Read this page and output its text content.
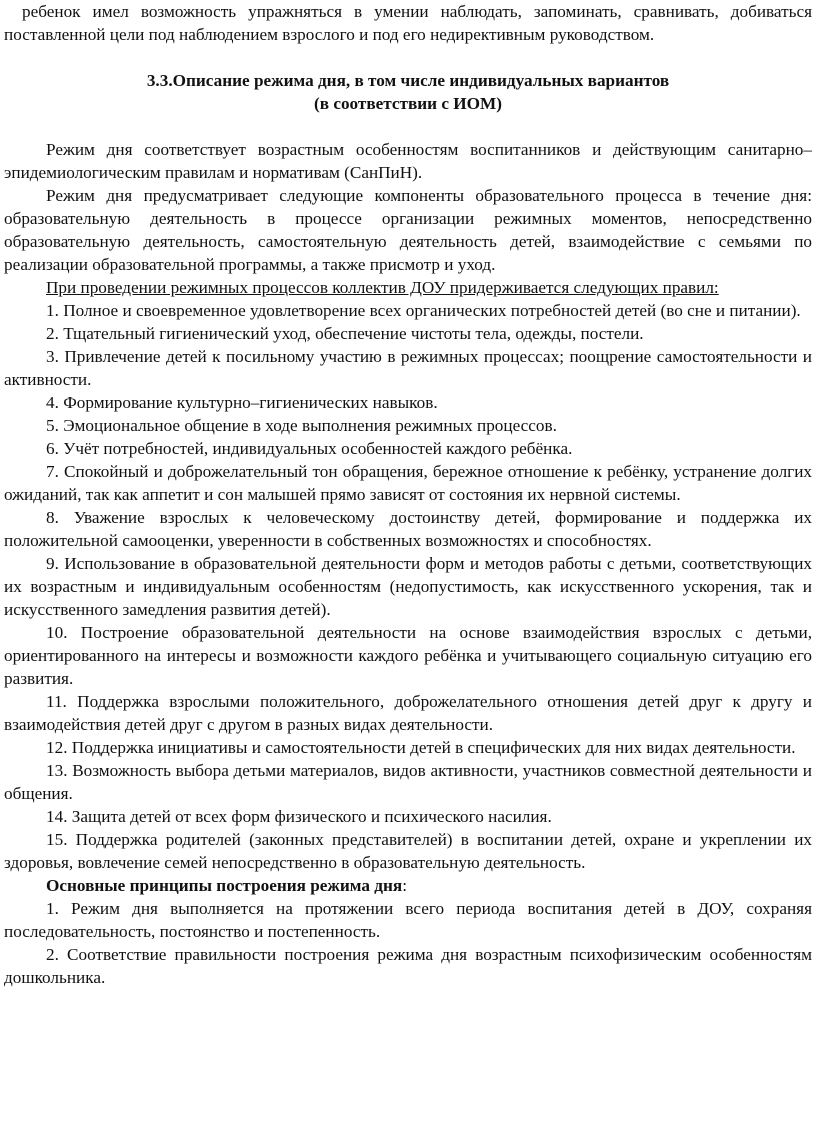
ребенок имел возможность упражняться в умении наблюдать, запоминать, сравнивать, добиваться поставленной цели под наблюдением взрослого и под его недирективным руководством.

3.3.Описание режима дня, в том числе индивидуальных вариантов

(в соответствии с ИОМ)

Режим дня соответствует возрастным особенностям воспитанников и действующим санитарно–эпидемиологическим правилам и нормативам (СанПиН).

Режим дня предусматривает следующие компоненты образовательного процесса в течение дня: образовательную деятельность в процессе организации режимных моментов, непосредственно образовательную деятельность, самостоятельную деятельность детей, взаимодействие с семьями по реализации образовательной программы, а также присмотр и уход.

При проведении режимных процессов коллектив ДОУ придерживается следующих правил:

1. Полное и своевременное удовлетворение всех органических потребностей детей (во сне и питании).

2. Тщательный гигиенический уход, обеспечение чистоты тела, одежды, постели.

3. Привлечение детей к посильному участию в режимных процессах; поощрение самостоятельности и активности.

4. Формирование культурно–гигиенических навыков.

5. Эмоциональное общение в ходе выполнения режимных процессов.

6. Учёт потребностей, индивидуальных особенностей каждого ребёнка.

7. Спокойный и доброжелательный тон обращения, бережное отношение к ребёнку, устранение долгих ожиданий, так как аппетит и сон малышей прямо зависят от состояния их нервной системы.

8. Уважение взрослых к человеческому достоинству детей, формирование и поддержка их положительной самооценки, уверенности в собственных возможностях и способностях.

9. Использование в образовательной деятельности форм и методов работы с детьми, соответствующих их возрастным и индивидуальным особенностям (недопустимость, как искусственного ускорения, так и искусственного замедления развития детей).

10. Построение образовательной деятельности на основе взаимодействия взрослых с детьми, ориентированного на интересы и возможности каждого ребёнка и учитывающего социальную ситуацию его развития.

11. Поддержка взрослыми положительного, доброжелательного отношения детей друг к другу и взаимодействия детей друг с другом в разных видах деятельности.

12. Поддержка инициативы и самостоятельности детей в специфических для них видах деятельности.

13. Возможность выбора детьми материалов, видов активности, участников совместной деятельности и общения.

14. Защита детей от всех форм физического и психического насилия.

15. Поддержка родителей (законных представителей) в воспитании детей, охране и укреплении их здоровья, вовлечение семей непосредственно в образовательную деятельность.

Основные принципы построения режима дня:

1. Режим дня выполняется на протяжении всего периода воспитания детей в ДОУ, сохраняя последовательность, постоянство и постепенность.

2. Соответствие правильности построения режима дня возрастным психофизическим особенностям дошкольника.
